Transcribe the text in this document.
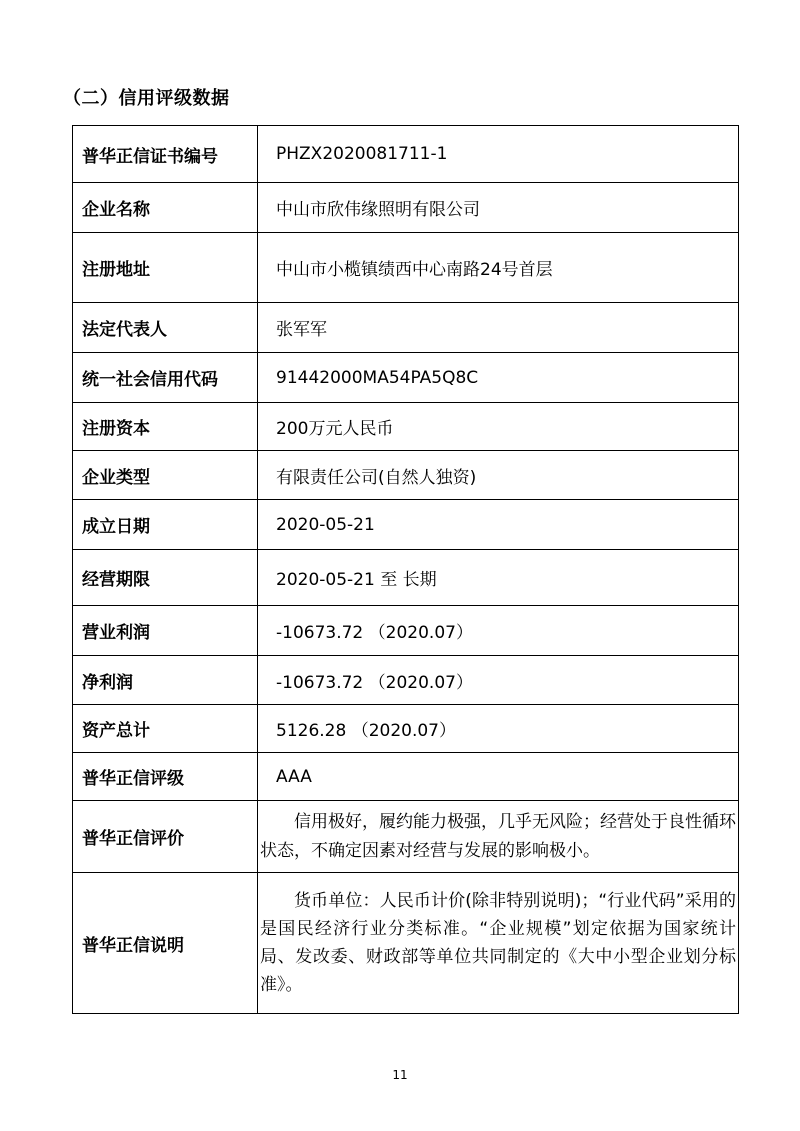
（二）信用评级数据
普华正信证书编号	PHZX2020081711-1
企业名称	中山市欣伟缘照明有限公司
注册地址	中山市小榄镇绩西中心南路24号首层
法定代表人	张军军
统一社会信用代码	91442000MA54PA5Q8C
注册资本	200万元人民币
企业类型	有限责任公司(自然人独资)
成立日期	2020-05-21
经营期限	2020-05-21 至 长期
营业利润	-10673.72 （2020.07）
净利润	-10673.72 （2020.07）
资产总计	5126.28 （2020.07）
普华正信评级	AAA
普华正信评价	信用极好，履约能力极强，几乎无风险；经营处于良性循环状态，不确定因素对经营与发展的影响极小。
普华正信说明	货币单位：人民币计价(除非特别说明)；“行业代码”采用的是国民经济行业分类标准。“企业规模”划定依据为国家统计局、发改委、财政部等单位共同制定的《大中小型企业划分标准》。
11
